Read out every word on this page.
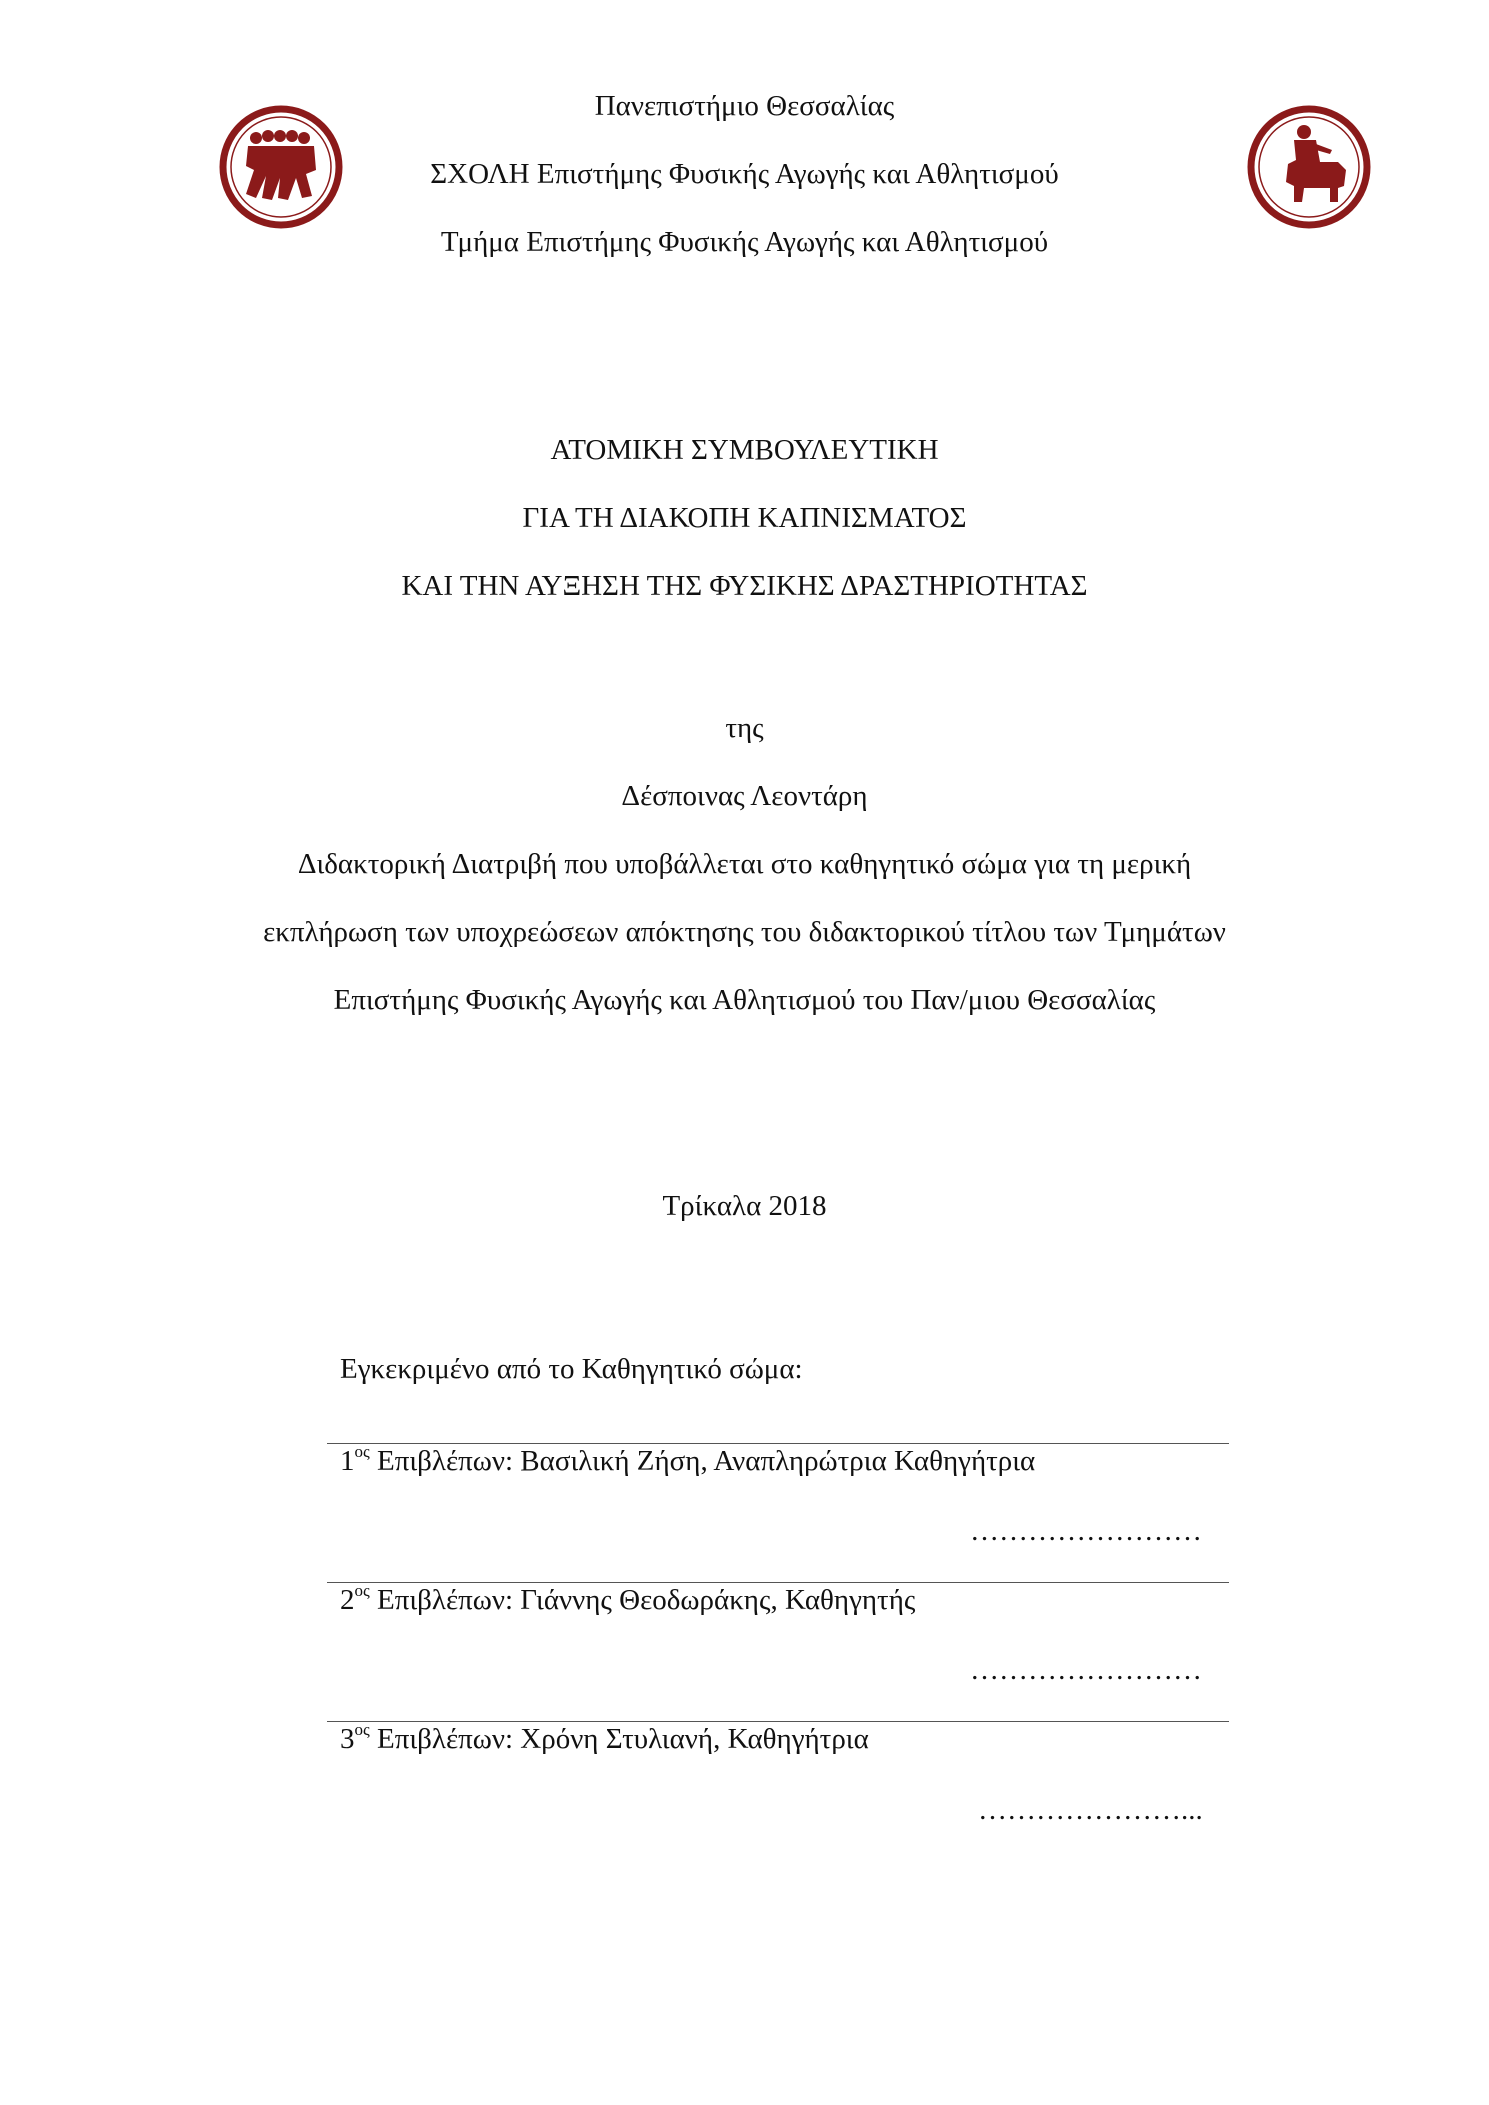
Πανεπιστήμιο Θεσσαλίας
ΣΧΟΛΗ Επιστήμης Φυσικής Αγωγής και Αθλητισμού
Τμήμα Επιστήμης Φυσικής Αγωγής και Αθλητισμού
ΑΤΟΜΙΚΗ ΣΥΜΒΟΥΛΕΥΤΙΚΗ
ΓΙΑ ΤΗ ΔΙΑΚΟΠΗ ΚΑΠΝΙΣΜΑΤΟΣ
ΚΑΙ ΤΗΝ ΑΥΞΗΣΗ ΤΗΣ ΦΥΣΙΚΗΣ ΔΡΑΣΤΗΡΙΟΤΗΤΑΣ
της
Δέσποινας Λεοντάρη
Διδακτορική Διατριβή που υποβάλλεται στο καθηγητικό σώμα για τη μερική
εκπλήρωση των υποχρεώσεων απόκτησης του διδακτορικού τίτλου των Τμημάτων
Επιστήμης Φυσικής Αγωγής και Αθλητισμού του Παν/μιου Θεσσαλίας
Τρίκαλα 2018
Εγκεκριμένο από το Καθηγητικό σώμα:
$1^{o\varsigma}$ Επιβλέπων: Βασιλική Ζήση, Αναπληρώτρια Καθηγήτρια
……………………
$2^{o\varsigma}$ Επιβλέπων: Γιάννης Θεοδωράκης, Καθηγητής
……………………
$3^{o\varsigma}$ Επιβλέπων: Χρόνη Στυλιανή, Καθηγήτρια
…………………...
